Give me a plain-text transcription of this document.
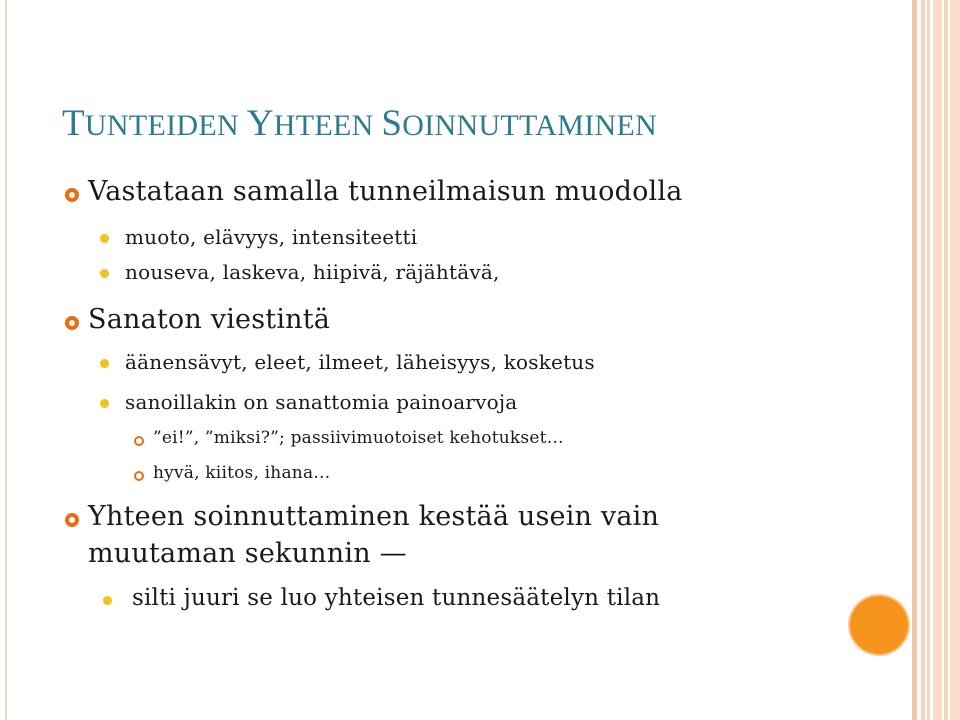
TUNTEIDEN YHTEEN SOINNUTTAMINEN
Vastataan samalla tunneilmaisun muodolla
muoto, elävyys, intensiteetti
nouseva, laskeva, hiipivä, räjähtävä,
Sanaton viestintä
äänensävyt, eleet, ilmeet, läheisyys, kosketus
sanoillakin on sanattomia painoarvoja
”ei!”, ”miksi?”; passiivimuotoiset kehotukset…
hyvä, kiitos, ihana…
Yhteen soinnuttaminen kestää usein vain
muutaman sekunnin —
silti juuri se luo yhteisen tunnesäätelyn tilan
